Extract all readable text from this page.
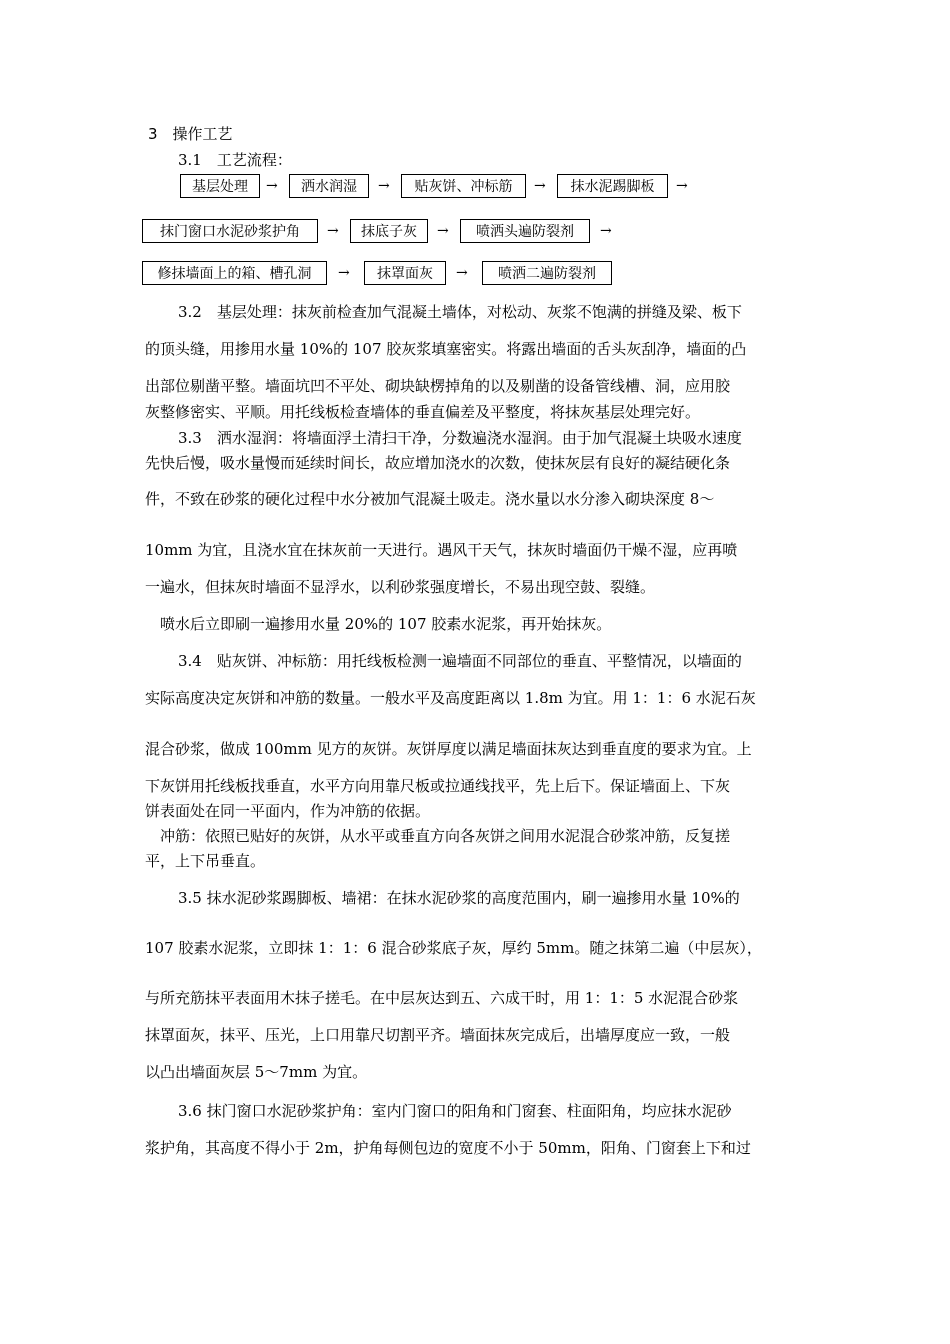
3　操作工艺
3.1　工艺流程：
基层处理	→	洒水润湿	→	贴灰饼、冲标筋	→	抹水泥踢脚板	→
抹门窗口水泥砂浆护角	→	抹底子灰	→	喷洒头遍防裂剂	→
修抹墙面上的箱、槽孔洞	→	抹罩面灰	→	喷洒二遍防裂剂
3.2　基层处理：抹灰前检查加气混凝土墙体，对松动、灰浆不饱满的拼缝及梁、板下
的顶头缝，用掺用水量 10%的 107 胶灰浆填塞密实。将露出墙面的舌头灰刮净，墙面的凸
出部位剔凿平整。墙面坑凹不平处、砌块缺楞掉角的以及剔凿的设备管线槽、洞，应用胶
灰整修密实、平顺。用托线板检查墙体的垂直偏差及平整度，将抹灰基层处理完好。
3.3　洒水湿润：将墙面浮土清扫干净，分数遍浇水湿润。由于加气混凝土块吸水速度
先快后慢，吸水量慢而延续时间长，故应增加浇水的次数，使抹灰层有良好的凝结硬化条
件，不致在砂浆的硬化过程中水分被加气混凝土吸走。浇水量以水分渗入砌块深度 8～
10mm 为宜，且浇水宜在抹灰前一天进行。遇风干天气，抹灰时墙面仍干燥不湿，应再喷
一遍水，但抹灰时墙面不显浮水，以利砂浆强度增长，不易出现空鼓、裂缝。
喷水后立即刷一遍掺用水量 20%的 107 胶素水泥浆，再开始抹灰。
3.4　贴灰饼、冲标筋：用托线板检测一遍墙面不同部位的垂直、平整情况，以墙面的
实际高度决定灰饼和冲筋的数量。一般水平及高度距离以 1.8m 为宜。用 1：1：6 水泥石灰
混合砂浆，做成 100mm 见方的灰饼。灰饼厚度以满足墙面抹灰达到垂直度的要求为宜。上
下灰饼用托线板找垂直，水平方向用靠尺板或拉通线找平，先上后下。保证墙面上、下灰
饼表面处在同一平面内，作为冲筋的依据。
冲筋：依照已贴好的灰饼，从水平或垂直方向各灰饼之间用水泥混合砂浆冲筋，反复搓
平，上下吊垂直。
3.5 抹水泥砂浆踢脚板、墙裙：在抹水泥砂浆的高度范围内，刷一遍掺用水量 10%的
107 胶素水泥浆，立即抹 1：1：6 混合砂浆底子灰，厚约 5mm。随之抹第二遍（中层灰），
与所充筋抹平表面用木抹子搓毛。在中层灰达到五、六成干时，用 1：1：5 水泥混合砂浆
抹罩面灰，抹平、压光，上口用靠尺切割平齐。墙面抹灰完成后，出墙厚度应一致，一般
以凸出墙面灰层 5～7mm 为宜。
3.6 抹门窗口水泥砂浆护角：室内门窗口的阳角和门窗套、柱面阳角，均应抹水泥砂
浆护角，其高度不得小于 2m，护角每侧包边的宽度不小于 50mm，阳角、门窗套上下和过
